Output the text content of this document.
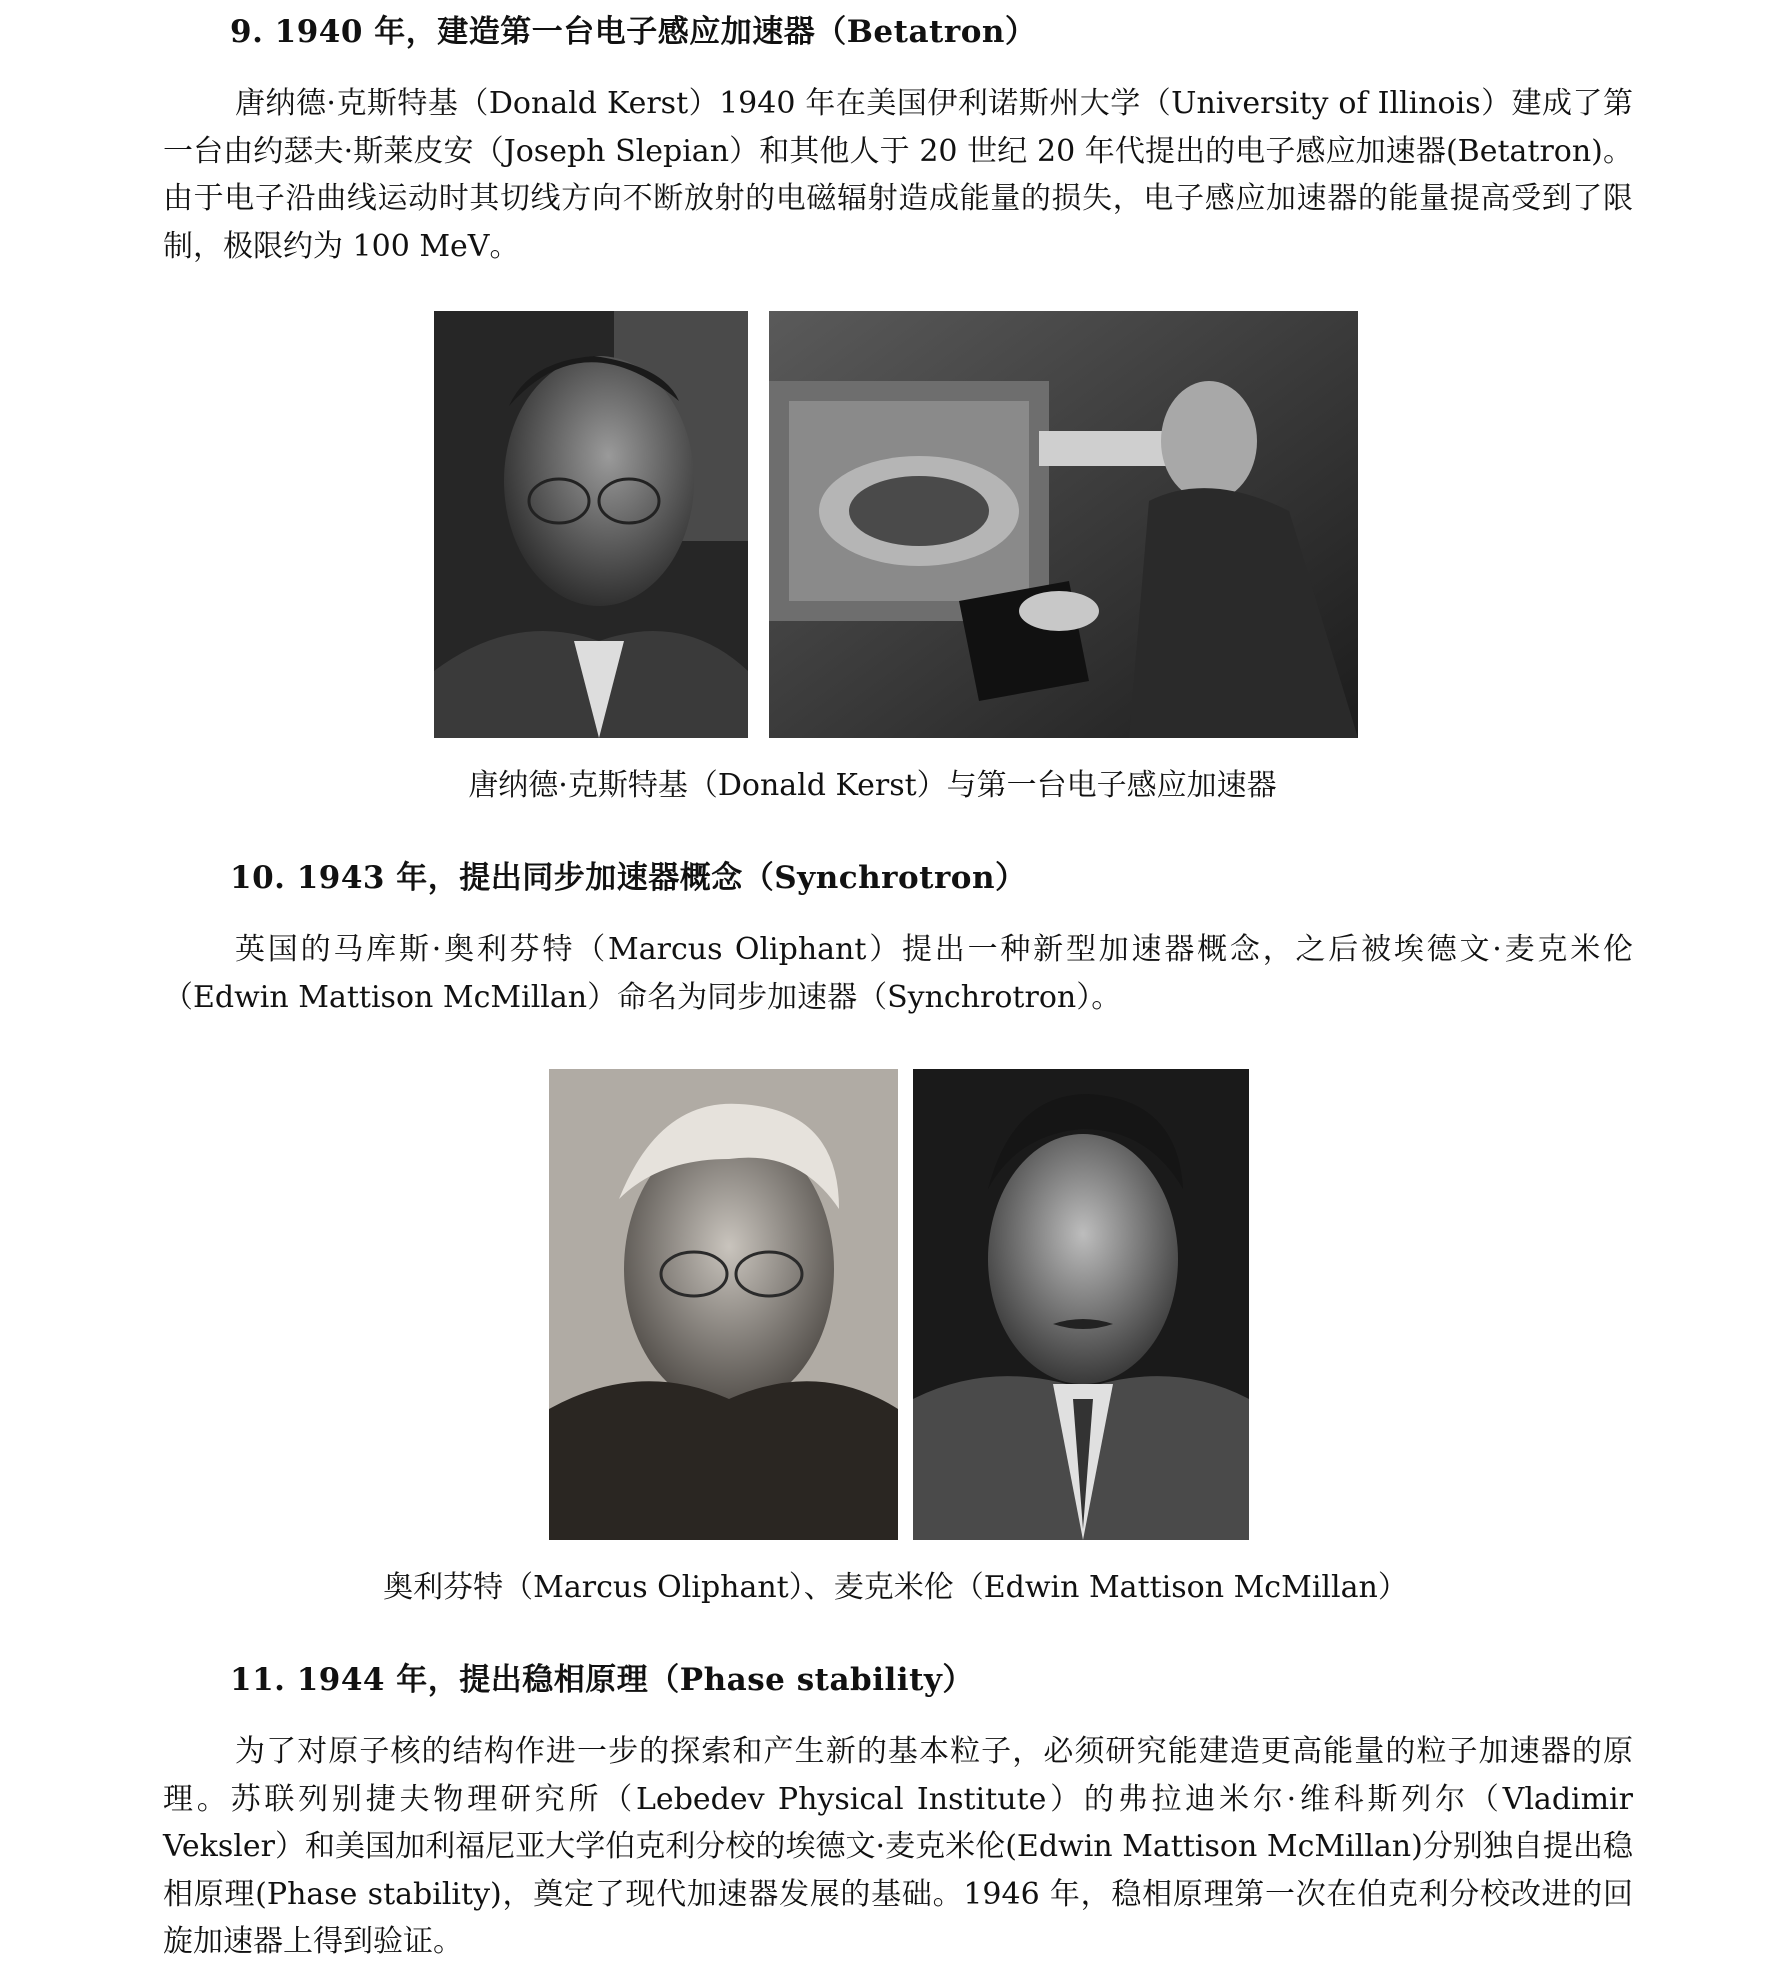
9. 1940 年，建造第一台电子感应加速器（Betatron）
唐纳德·克斯特基（Donald Kerst）1940 年在美国伊利诺斯州大学（University of Illinois）建成了第一台由约瑟夫·斯莱皮安（Joseph Slepian）和其他人于 20 世纪 20 年代提出的电子感应加速器(Betatron)。由于电子沿曲线运动时其切线方向不断放射的电磁辐射造成能量的损失，电子感应加速器的能量提高受到了限制，极限约为 100 MeV。
唐纳德·克斯特基（Donald Kerst）与第一台电子感应加速器
10. 1943 年，提出同步加速器概念（Synchrotron）
英国的马库斯·奥利芬特（Marcus Oliphant）提出一种新型加速器概念，之后被埃德文·麦克米伦（Edwin Mattison McMillan）命名为同步加速器（Synchrotron）。
奥利芬特（Marcus Oliphant）、麦克米伦（Edwin Mattison McMillan）
11. 1944 年，提出稳相原理（Phase stability）
为了对原子核的结构作进一步的探索和产生新的基本粒子，必须研究能建造更高能量的粒子加速器的原理。苏联列别捷夫物理研究所（Lebedev Physical Institute）的弗拉迪米尔·维科斯列尔（Vladimir Veksler）和美国加利福尼亚大学伯克利分校的埃德文·麦克米伦(Edwin Mattison McMillan)分别独自提出稳相原理(Phase stability)，奠定了现代加速器发展的基础。1946 年，稳相原理第一次在伯克利分校改进的回旋加速器上得到验证。
